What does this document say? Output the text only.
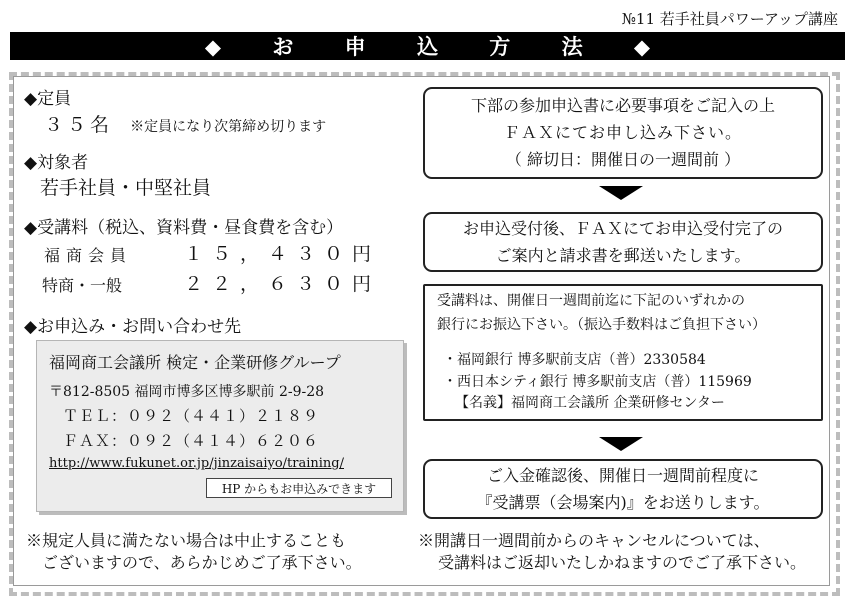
№11 若手社員パワーアップ講座
◆ お 申 込 方 法 ◆
◆定員
３５名 ※定員になり次第締め切ります
◆対象者
若手社員・中堅社員
◆受講料（税込、資料費・昼食費を含む）
福商会員	１５，４３０円
特商・一般	２２，６３０円
◆お申込み・お問い合わせ先
福岡商工会議所 検定・企業研修グループ
〒812-8505 福岡市博多区博多駅前 2-9-28
ＴＥＬ：０９２（４４１）２１８９
ＦＡＸ：０９２（４１４）６２０６
http://www.fukunet.or.jp/jinzaisaiyo/training/
HP からもお申込みできます
※規定人員に満たない場合は中止することも
ございますので、あらかじめご了承下さい。
下部の参加申込書に必要事項をご記入の上
ＦＡＸにてお申し込み下さい。
（ 締切日：開催日の一週間前 ）
お申込受付後、ＦＡＸにてお申込受付完了の
ご案内と請求書を郵送いたします。
受講料は、開催日一週間前迄に下記のいずれかの
銀行にお振込下さい。（振込手数料はご負担下さい）
・福岡銀行 博多駅前支店（普）2330584
・西日本シティ銀行 博多駅前支店（普）115969
【名義】福岡商工会議所 企業研修センター
ご入金確認後、開催日一週間前程度に
『受講票（会場案内)』をお送りします。
※開講日一週間前からのキャンセルについては、
受講料はご返却いたしかねますのでご了承下さい。
